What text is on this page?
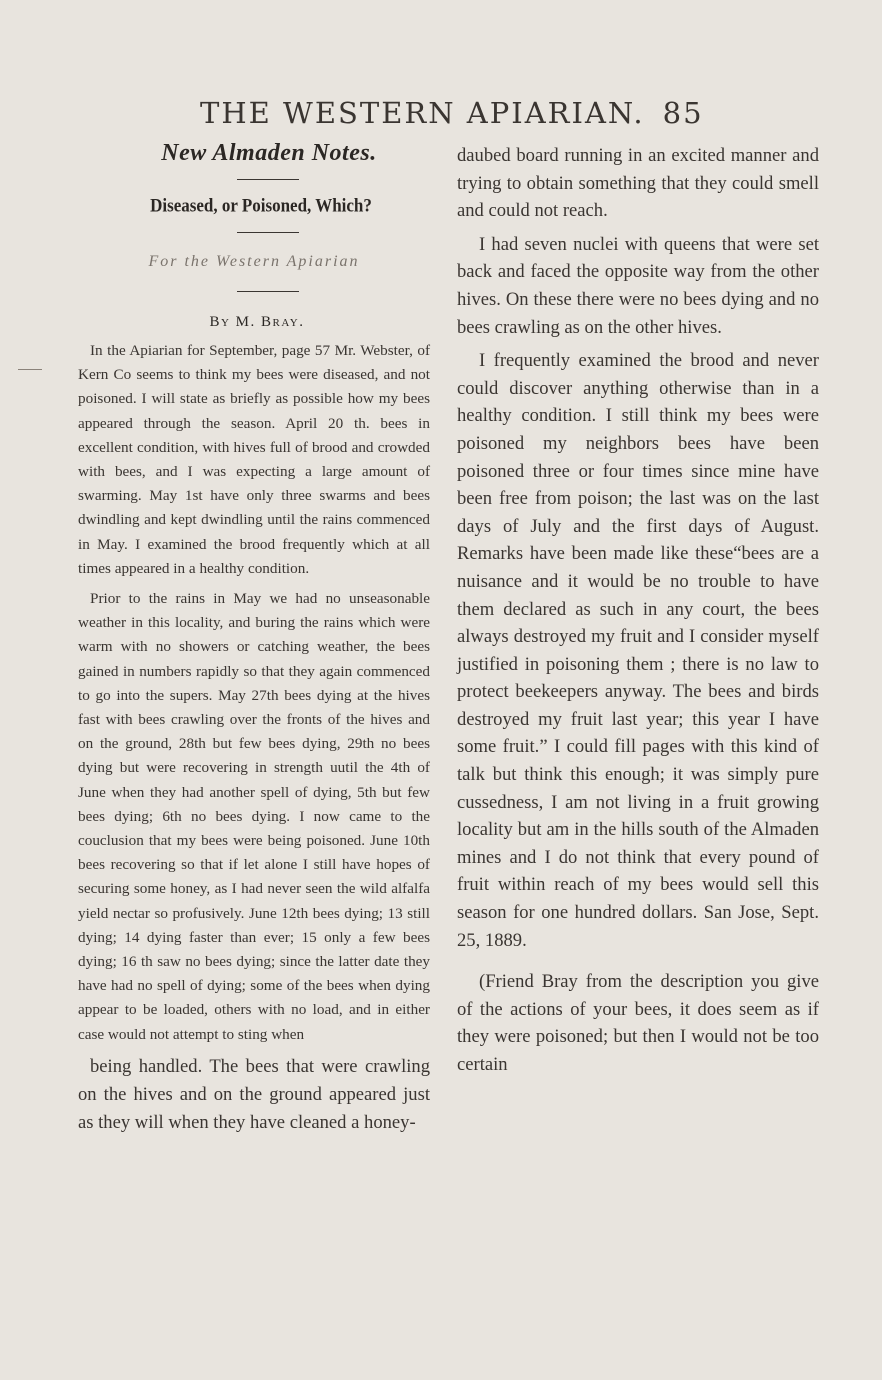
THE WESTERN APIARIAN. 85
New Almaden Notes.
Diseased, or Poisoned, Which?
For the Western Apiarian
By M. Bray.

In the Apiarian for September, page 57 Mr. Webster, of Kern Co seems to think my bees were diseased, and not poisoned. I will state as briefly as possible how my bees appeared through the season. April 20 th. bees in excellent condition, with hives full of brood and crowded with bees, and I was expecting a large amount of swarming. May 1st have only three swarms and bees dwindling and kept dwindling until the rains commenced in May. I examined the brood frequently which at all times appeared in a healthy condition.

Prior to the rains in May we had no unseasonable weather in this locality, and buring the rains which were warm with no showers or catching weather, the bees gained in numbers rapidly so that they again commenced to go into the supers. May 27th bees dying at the hives fast with bees crawling over the fronts of the hives and on the ground, 28th but few bees dying, 29th no bees dying but were recovering in strength uutil the 4th of June when they had another spell of dying, 5th but few bees dying; 6th no bees dying. I now came to the couclusion that my bees were being poisoned. June 10th bees recovering so that if let alone I still have hopes of securing some honey, as I had never seen the wild alfalfa yield nectar so profusively. June 12th bees dying; 13 still dying; 14 dying faster than ever; 15 only a few bees dying; 16 th saw no bees dying; since the latter date they have had no spell of dying; some of the bees when dying appear to be loaded, others with no load, and in either case would not attempt to sting when

being handled. The bees that were crawling on the hives and on the ground appeared just as they will when they have cleaned a honey-

daubed board running in an excited manner and trying to obtain something that they could smell and could not reach.

I had seven nuclei with queens that were set back and faced the opposite way from the other hives. On these there were no bees dying and no bees crawling as on the other hives.

I frequently examined the brood and never could discover anything otherwise than in a healthy condition. I still think my bees were poisoned my neighbors bees have been poisoned three or four times since mine have been free from poison; the last was on the last days of July and the first days of August. Remarks have been made like these“bees are a nuisance and it would be no trouble to have them declared as such in any court, the bees always destroyed my fruit and I consider myself justified in poisoning them ; there is no law to protect beekeepers anyway. The bees and birds destroyed my fruit last year; this year I have some fruit.” I could fill pages with this kind of talk but think this enough; it was simply pure cussedness, I am not living in a fruit growing locality but am in the hills south of the Almaden mines and I do not think that every pound of fruit within reach of my bees would sell this season for one hundred dollars. San Jose, Sept. 25, 1889.

(Friend Bray from the description you give of the actions of your bees, it does seem as if they were poisoned; but then I would not be too certain
